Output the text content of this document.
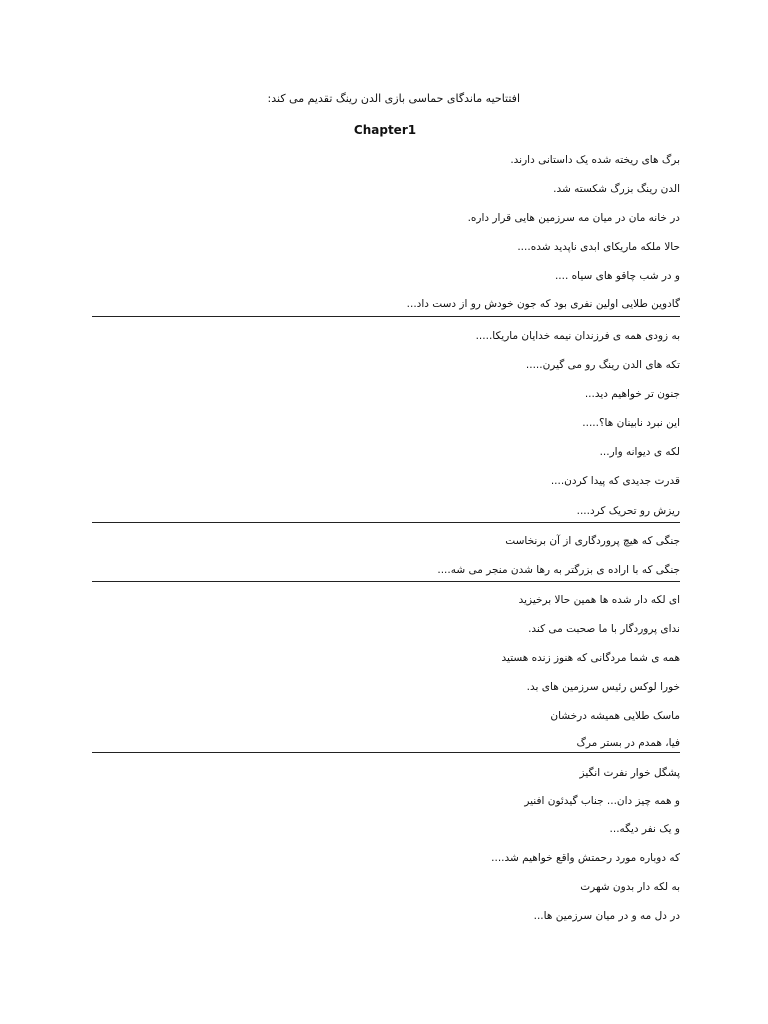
افتتاحیه ماندگای حماسی بازی الدن رینگ تقدیم می کند:
Chapter1
برگ های ریخته شده یک داستانی دارند.
الدن رینگ بزرگ شکسته شد.
در خانه مان در میان مه سرزمین هایی قرار داره.
حالا ملکه ماریکای ابدی ناپدید شده....
و در شب چاقو های سیاه ....
گادوین طلایی اولین نفری بود که جون خودش رو از دست داد...
به زودی همه ی فرزندان نیمه خدایان ماریکا.....
تکه های الدن رینگ رو می گیرن.....
جنون تر خواهیم دید...
این نبرد نابینان ها؟.....
لکه ی دیوانه وار...
قدرت جدیدی که پیدا کردن....
ریزش رو تحریک کرد....
جنگی که هیچ پروردگاری از آن برنخاست
جنگی که با اراده ی بزرگتر به رها شدن منجر می شه....
ای لکه دار شده ها همین حالا برخیزید
ندای پروردگار با ما صحبت می کند.
همه ی شما مردگانی که هنوز زنده هستید
خورا لوکس رئیس سرزمین های بد.
ماسک طلایی همیشه درخشان
فیا، همدم در بستر مرگ
پشگل خوار نفرت انگیز
و همه چیز دان... جناب گیدئون افنیر
و یک نفر دیگه...
که دوباره مورد رحمتش واقع خواهیم شد....
به لکه دار بدون شهرت
در دل مه و در میان سرزمین ها...
